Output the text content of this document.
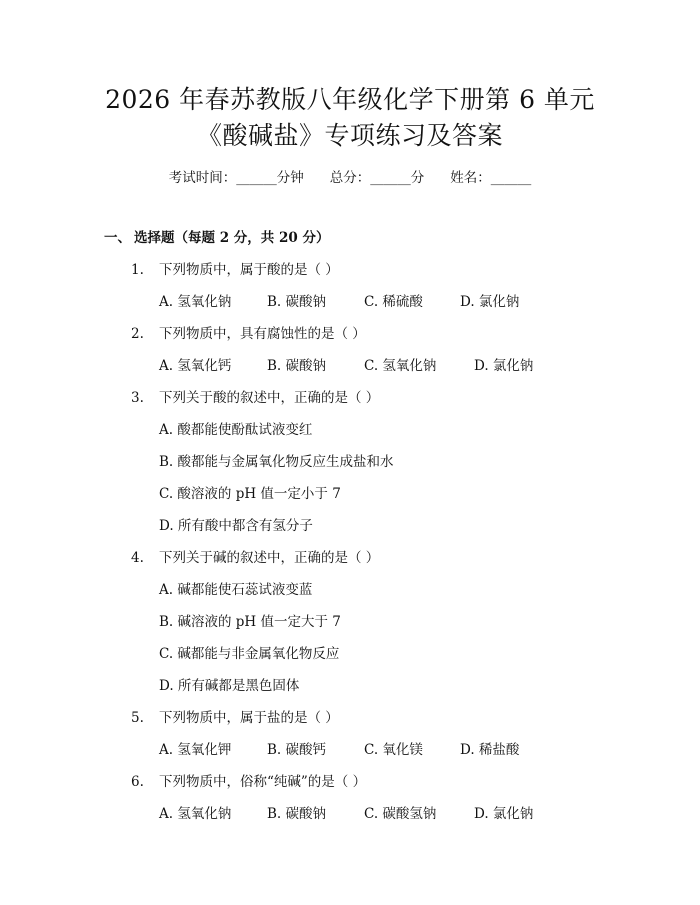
2026 年春苏教版八年级化学下册第 6 单元
《酸碱盐》专项练习及答案
考试时间：______分钟 总分：______分 姓名：______
一、 选择题（每题 2 分，共 20 分）
1. 下列物质中，属于酸的是（ ）
A. 氢氧化钠	B. 碳酸钠	C. 稀硫酸	D. 氯化钠
2. 下列物质中，具有腐蚀性的是（ ）
A. 氢氧化钙	B. 碳酸钠	C. 氢氧化钠	D. 氯化钠
3. 下列关于酸的叙述中，正确的是（ ）
A. 酸都能使酚酞试液变红
B. 酸都能与金属氧化物反应生成盐和水
C. 酸溶液的 pH 值一定小于 7
D. 所有酸中都含有氢分子
4. 下列关于碱的叙述中，正确的是（ ）
A. 碱都能使石蕊试液变蓝
B. 碱溶液的 pH 值一定大于 7
C. 碱都能与非金属氧化物反应
D. 所有碱都是黑色固体
5. 下列物质中，属于盐的是（ ）
A. 氢氧化钾	B. 碳酸钙	C. 氧化镁	D. 稀盐酸
6. 下列物质中，俗称“纯碱”的是（ ）
A. 氢氧化钠	B. 碳酸钠	C. 碳酸氢钠	D. 氯化钠
